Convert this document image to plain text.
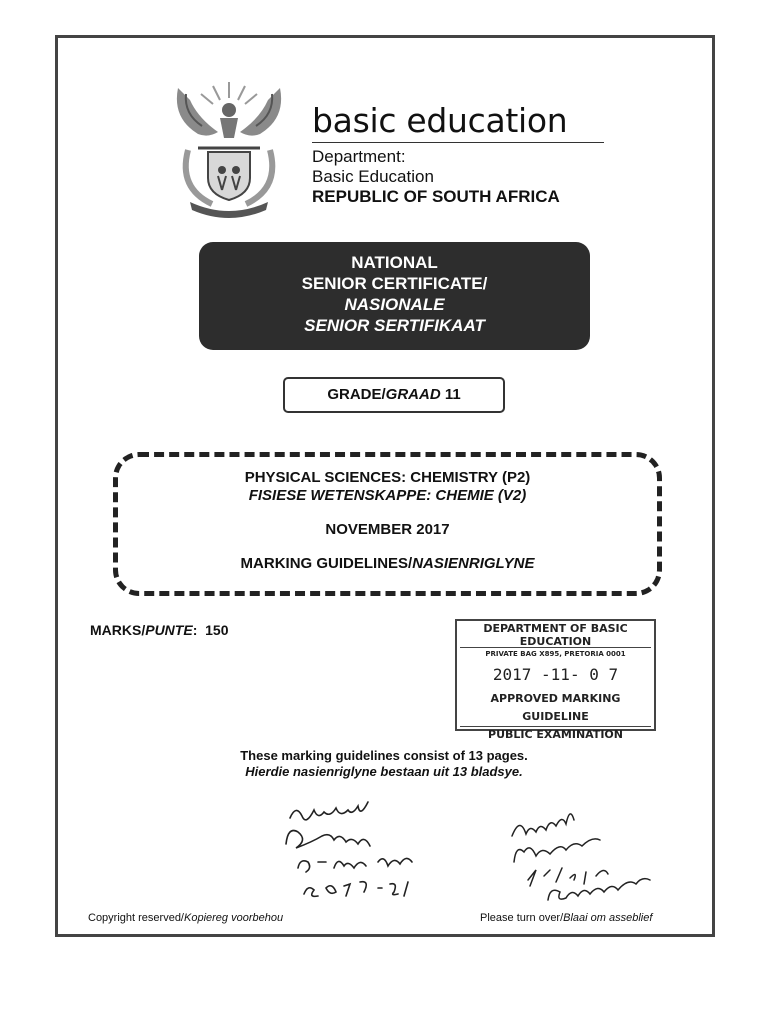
basic education
Department:
Basic Education
REPUBLIC OF SOUTH AFRICA
NATIONAL
SENIOR CERTIFICATE/
NASIONALE
SENIOR SERTIFIKAAT
GRADE/GRAAD 11
PHYSICAL SCIENCES: CHEMISTRY (P2)
FISIESE WETENSKAPPE: CHEMIE (V2)
NOVEMBER 2017
MARKING GUIDELINES/NASIENRIGLYNE
MARKS/PUNTE:  150	DEPARTMENT OF BASIC
EDUCATION
PRIVATE BAG X895, PRETORIA 0001
2017 -11- 0 7
APPROVED MARKING GUIDELINE
PUBLIC EXAMINATION
These marking guidelines consist of 13 pages.
Hierdie nasienriglyne bestaan uit 13 bladsye.
Copyright reserved/Kopiereg voorbehou	Please turn over/Blaai om asseblief
